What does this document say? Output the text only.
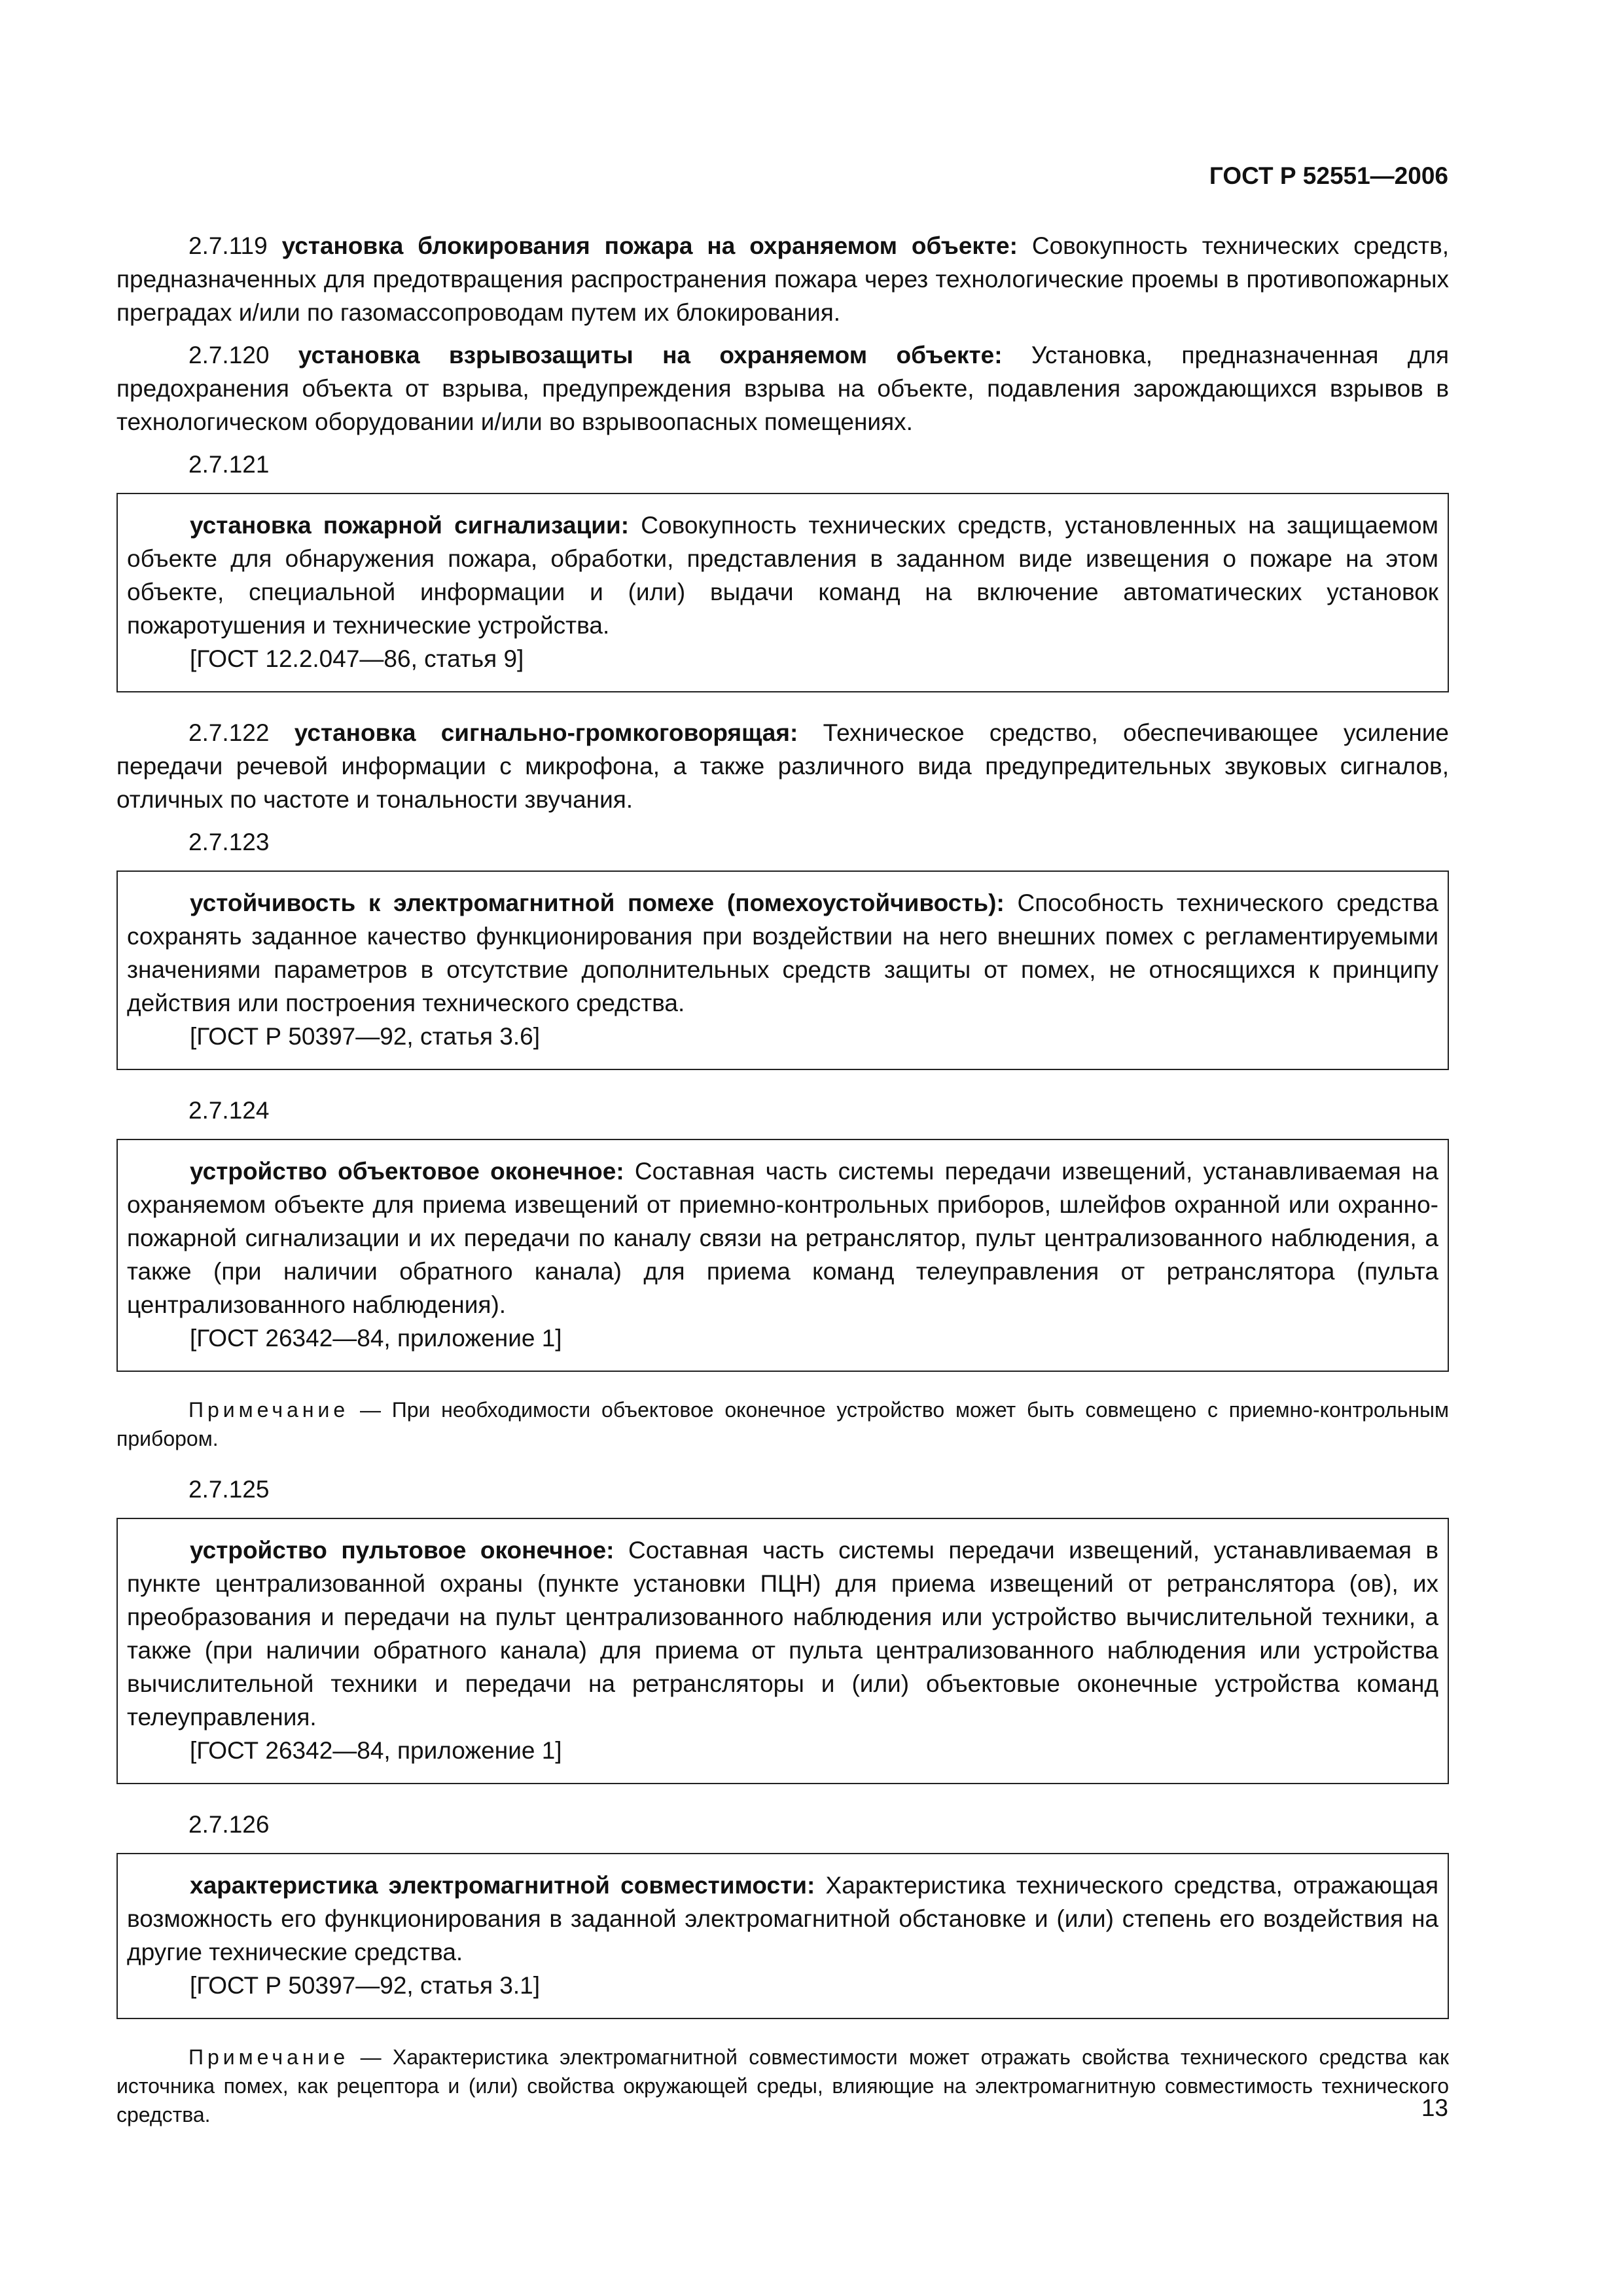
ГОСТ Р 52551—2006

2.7.119 установка блокирования пожара на охраняемом объекте: Совокупность технических средств, предназначенных для предотвращения распространения пожара через технологические проемы в противопожарных преградах и/или по газомассопроводам путем их блокирования.

2.7.120 установка взрывозащиты на охраняемом объекте: Установка, предназначенная для предохранения объекта от взрыва, предупреждения взрыва на объекте, подавления зарождающихся взрывов в технологическом оборудовании и/или во взрывоопасных помещениях.

2.7.121

установка пожарной сигнализации: Совокупность технических средств, установленных на защищаемом объекте для обнаружения пожара, обработки, представления в заданном виде извещения о пожаре на этом объекте, специальной информации и (или) выдачи команд на включение автоматических установок пожаротушения и технические устройства.

[ГОСТ 12.2.047—86, статья 9]

2.7.122 установка сигнально-громкоговорящая: Техническое средство, обеспечивающее усиление передачи речевой информации с микрофона, а также различного вида предупредительных звуковых сигналов, отличных по частоте и тональности звучания.

2.7.123

устойчивость к электромагнитной помехе (помехоустойчивость): Способность технического средства сохранять заданное качество функционирования при воздействии на него внешних помех с регламентируемыми значениями параметров в отсутствие дополнительных средств защиты от помех, не относящихся к принципу действия или построения технического средства.

[ГОСТ Р 50397—92, статья 3.6]

2.7.124

устройство объектовое оконечное: Составная часть системы передачи извещений, устанавливаемая на охраняемом объекте для приема извещений от приемно-контрольных приборов, шлейфов охранной или охранно-пожарной сигнализации и их передачи по каналу связи на ретранслятор, пульт централизованного наблюдения, а также (при наличии обратного канала) для приема команд телеуправления от ретранслятора (пульта централизованного наблюдения).

[ГОСТ 26342—84, приложение 1]

Примечание — При необходимости объектовое оконечное устройство может быть совмещено с приемно-контрольным прибором.

2.7.125

устройство пультовое оконечное: Составная часть системы передачи извещений, устанавливаемая в пункте централизованной охраны (пункте установки ПЦН) для приема извещений от ретранслятора (ов), их преобразования и передачи на пульт централизованного наблюдения или устройство вычислительной техники, а также (при наличии обратного канала) для приема от пульта централизованного наблюдения или устройства вычислительной техники и передачи на ретрансляторы и (или) объектовые оконечные устройства команд телеуправления.

[ГОСТ 26342—84, приложение 1]

2.7.126

характеристика электромагнитной совместимости: Характеристика технического средства, отражающая возможность его функционирования в заданной электромагнитной обстановке и (или) степень его воздействия на другие технические средства.

[ГОСТ Р 50397—92, статья 3.1]

Примечание — Характеристика электромагнитной совместимости может отражать свойства технического средства как источника помех, как рецептора и (или) свойства окружающей среды, влияющие на электромагнитную совместимость технического средства.	13
